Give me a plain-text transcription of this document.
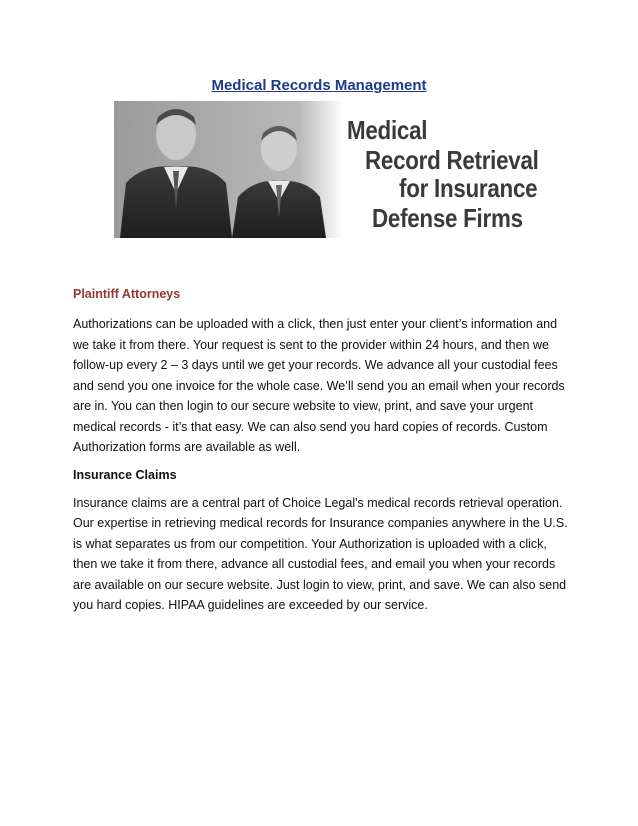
Medical Records Management
Medical
Record Retrieval
for Insurance
Defense Firms
Plaintiff Attorneys

Authorizations can be uploaded with a click, then just enter your client’s information and we take it from there. Your request is sent to the provider within 24 hours, and then we follow-up every 2 – 3 days until we get your records. We advance all your custodial fees and send you one invoice for the whole case. We’ll send you an email when your records are in. You can then login to our secure website to view, print, and save your urgent medical records - it’s that easy. We can also send you hard copies of records. Custom Authorization forms are available as well.

Insurance Claims

Insurance claims are a central part of Choice Legal's medical records retrieval operation. Our expertise in retrieving medical records for Insurance companies anywhere in the U.S. is what separates us from our competition. Your Authorization is uploaded with a click, then we take it from there, advance all custodial fees, and email you when your records are available on our secure website. Just login to view, print, and save. We can also send you hard copies. HIPAA guidelines are exceeded by our service.
